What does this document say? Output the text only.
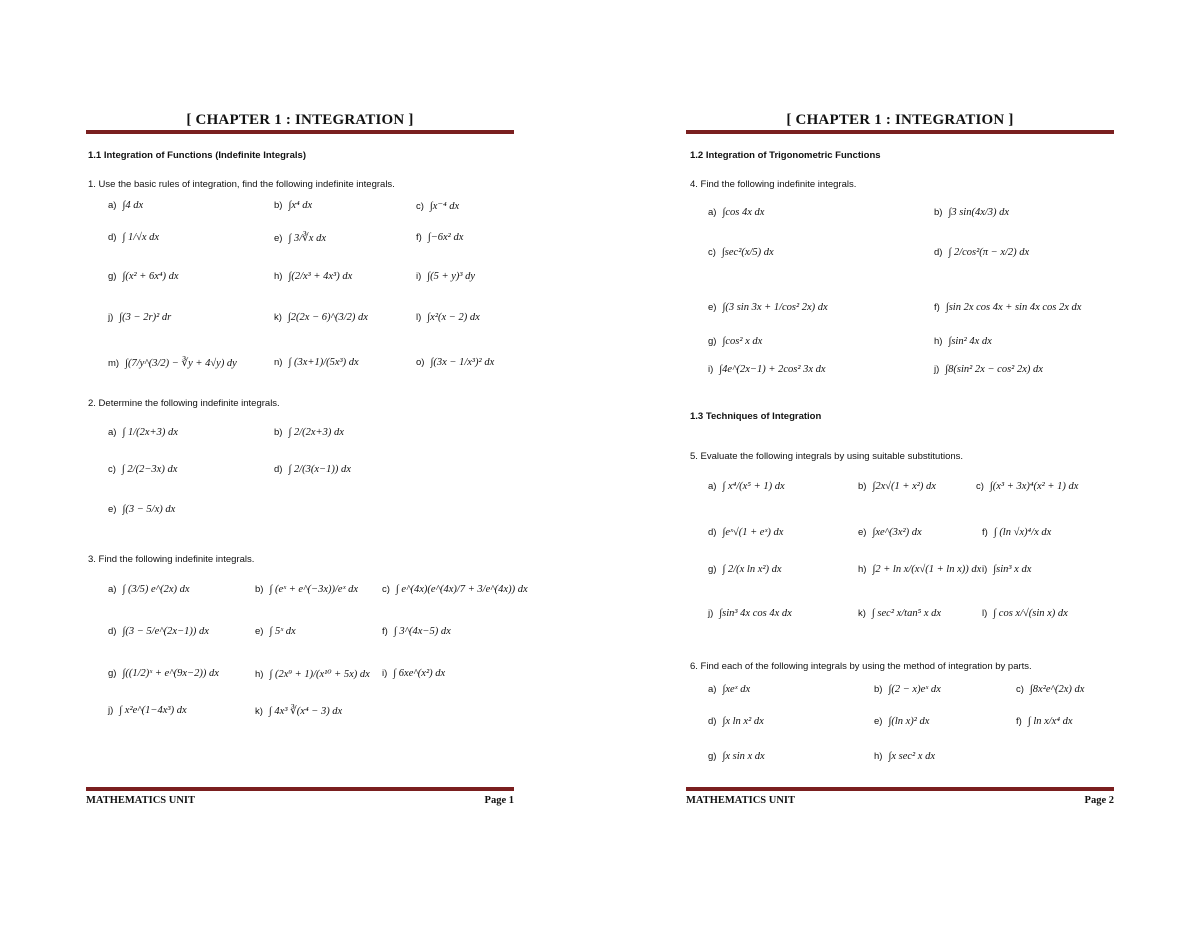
[ CHAPTER 1 : INTEGRATION ]
1.1 Integration of Functions (Indefinite Integrals)
1. Use the basic rules of integration, find the following indefinite integrals.
a) ∫4 dx	b) ∫x⁴ dx	c) ∫x⁻⁴ dx
d) ∫ 1/√x dx	e) ∫ 3/∛x dx	f) ∫−6x² dx
g) ∫(x² + 6x⁴) dx	h) ∫(2/x³ + 4x³) dx	i) ∫(5 + y)³ dy
j) ∫(3 − 2r)² dr	k) ∫2(2x − 6)^(3/2) dx	l) ∫x²(x − 2) dx
m) ∫(7/y^(3/2) − ∛y + 4√y) dy	n) ∫ (3x+1)/(5x³) dx	o) ∫(3x − 1/x³)² dx
2. Determine the following indefinite integrals.
a) ∫ 1/(2x+3) dx	b) ∫ 2/(2x+3) dx
c) ∫ 2/(2−3x) dx	d) ∫ 2/(3(x−1)) dx
e) ∫(3 − 5/x) dx
3. Find the following indefinite integrals.
a) ∫ (3/5) e^(2x) dx	b) ∫ (eˣ + e^(−3x))/eˣ dx	c) ∫ e^(4x)(e^(4x)/7 + 3/e^(4x)) dx
d) ∫(3 − 5/e^(2x−1)) dx	e) ∫ 5ˣ dx	f) ∫ 3^(4x−5) dx
g) ∫((1/2)ˣ + e^(9x−2)) dx	h) ∫ (2x⁹ + 1)/(x¹⁰ + 5x) dx i) ∫ 6xe^(x²) dx
j) ∫ x²e^(1−4x³) dx	k) ∫ 4x³ ∛(x⁴ − 3) dx
MATHEMATICS UNIT	Page 1
[ CHAPTER 1 : INTEGRATION ]
1.2 Integration of Trigonometric Functions
4. Find the following indefinite integrals.
a) ∫cos 4x dx	b) ∫3 sin(4x/3) dx
c) ∫sec²(x/5) dx	d) ∫ 2/cos²(π − x/2) dx
e) ∫(3 sin 3x + 1/cos² 2x) dx	f) ∫sin 2x cos 4x + sin 4x cos 2x dx
g) ∫cos² x dx	h) ∫sin² 4x dx
i) ∫4e^(2x−1) + 2cos² 3x dx	j) ∫8(sin² 2x − cos² 2x) dx
1.3 Techniques of Integration
5. Evaluate the following integrals by using suitable substitutions.
a) ∫ x⁴/(x⁵ + 1) dx	b) ∫2x√(1 + x²) dx	c) ∫(x³ + 3x)⁴(x² + 1) dx
d) ∫eˣ√(1 + eˣ) dx	e) ∫xe^(3x²) dx	f) ∫ (ln √x)⁴/x dx
g) ∫ 2/(x ln x²) dx	h) ∫2 + ln x/(x√(1 + ln x)) dx i) ∫sin³ x dx
j) ∫sin³ 4x cos 4x dx	k) ∫ sec² x/tan⁵ x dx	l) ∫ cos x/√(sin x) dx
6. Find each of the following integrals by using the method of integration by parts.
a) ∫xeˣ dx	b) ∫(2 − x)eˣ dx	c) ∫8x²e^(2x) dx
d) ∫x ln x² dx	e) ∫(ln x)² dx	f) ∫ ln x/x⁴ dx
g) ∫x sin x dx	h) ∫x sec² x dx
MATHEMATICS UNIT	Page 2
